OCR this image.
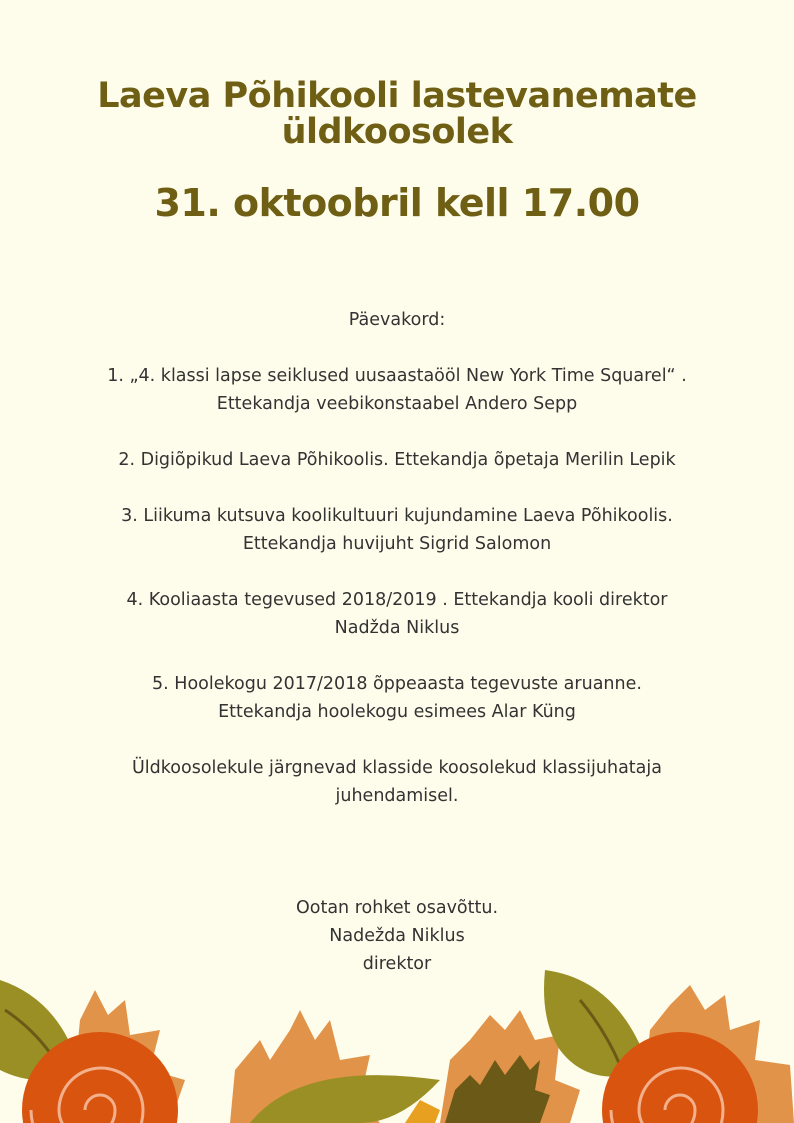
Laeva Põhikooli lastevanemate
üldkoosolek
31. oktoobril kell 17.00

Päevakord:

1. „4. klassi lapse seiklused uusaastaööl New York Time Squarel“ .
Ettekandja veebikonstaabel Andero Sepp

2. Digiõpikud Laeva Põhikoolis. Ettekandja õpetaja Merilin Lepik

3. Liikuma kutsuva koolikultuuri kujundamine Laeva Põhikoolis.
Ettekandja huvijuht Sigrid Salomon

4. Kooliaasta tegevused 2018/2019 . Ettekandja kooli direktor
Nadžda Niklus

5. Hoolekogu 2017/2018 õppeaasta tegevuste aruanne.
Ettekandja hoolekogu esimees Alar Küng

Üldkoosolekule järgnevad klasside koosolekud klassijuhataja
juhendamisel.

Ootan rohket osavõttu.
Nadežda Niklus
direktor
